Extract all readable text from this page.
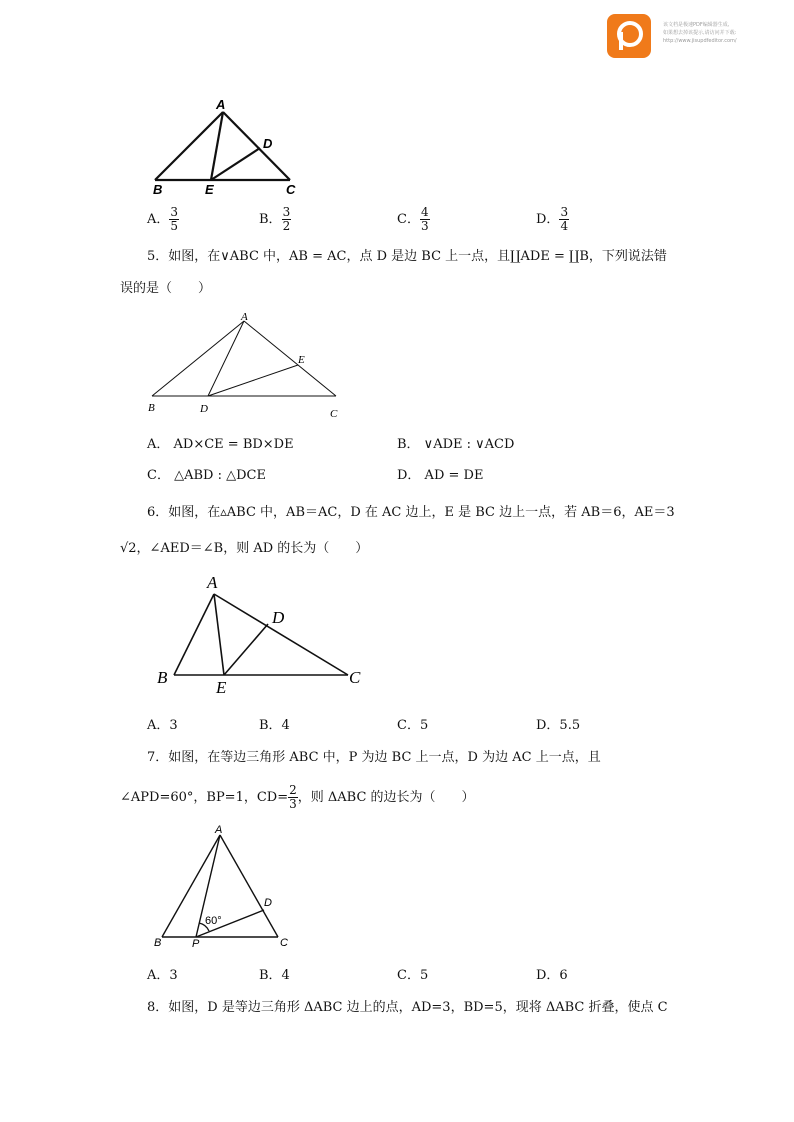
该文档是极速PDF编辑器生成,
如果想去掉该提示,请访问并下载:
http://www.jisupdfeditor.com/
A
D
B	E	C
A． $\frac{3}{5}$	B． $\frac{3}{2}$	C． $\frac{4}{3}$	D． $\frac{3}{4}$
5．如图，在∨ABC 中，AB = AC，点 D 是边 BC 上一点，且∐ADE = ∐B，下列说法错
误的是（　　）
A
E
B	D	C
A． AD×CE = BD×DE	B． ∨ADE : ∨ACD
C． △ABD : △DCE	D． AD = DE
6．如图，在▵ABC 中，AB＝AC，D 在 AC 边上，E 是 BC 边上一点，若 AB＝6，AE＝3
√2，∠AED＝∠B，则 AD 的长为（　　）
A
D
B
E
C
A．3	B．4	C．5	D．5.5
7．如图，在等边三角形 ABC 中，P 为边 BC 上一点，D 为边 AC 上一点，且
∠APD=60°，BP=1，$CD= \frac{2}{3}$ ，则 ΔABC 的边长为（　　）
A
D
60°
B	P	C
A．3	B．4	C．5	D．6
8．如图，D 是等边三角形 ΔABC 边上的点，AD=3，BD=5，现将 ΔABC 折叠，使点 C
